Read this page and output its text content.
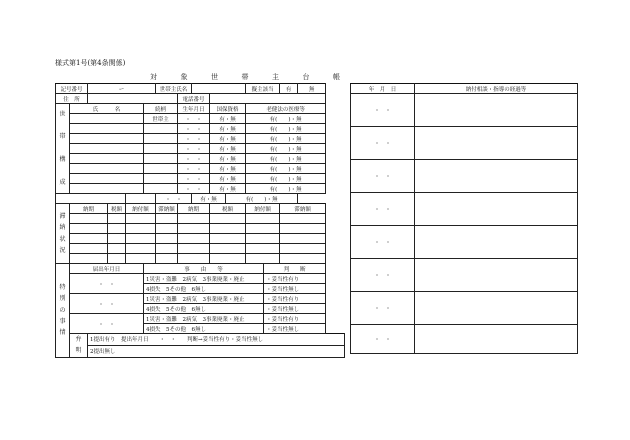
様式第1号(第4条関係)
対	象	世	帯	主	台	帳
記号番号		ー				世帯主氏名					擬主該当		有	無
住　所							電話番号							
世

帯

構

成	氏　　　名				続柄		生年月日		国保資格		老健法の医療等			
					世帯主		・　・		有・無		有(　　)・無			
							・　・		有・無		有(　　)・無			
							・　・		有・無		有(　　)・無			
							・　・		有・無		有(　　)・無			
							・　・		有・無		有(　　)・無			
							・　・		有・無		有(　　)・無			
							・　・		有・無		有(　　)・無			
							・　・		有・無		有(　　)・無			
						・　・		有・無		有(　　)・無				
滞
納
状
況	納期		税額	納付額		滞納額	納期		税額		納付額		滞納額	

特
別
の
事
情	届出年月日				事　　由　　等							判　　断		
	・　・				1災害・盗難　2病気　3事業廃業・廃止							・妥当性有り		
					4損失　5その他　6無し							・妥当性無し		
	・　・				1災害・盗難　2病気　3事業廃業・廃止							・妥当性有り		
					4損失　5その他　6無し							・妥当性無し		
	・　・				1災害・盗難　2病気　3事業廃業・廃止							・妥当性有り		
					4損失　5その他　6無し							・妥当性無し		
	弁
明	1提出有り　提出年月日　　・　・　　判断→妥当性有り・妥当性無し												
		2提出無し												
年　月　日	納付相談・指導の経過等
・　・	
・　・	
・　・	
・　・	
・　・	
・　・	
・　・	
・　・	
